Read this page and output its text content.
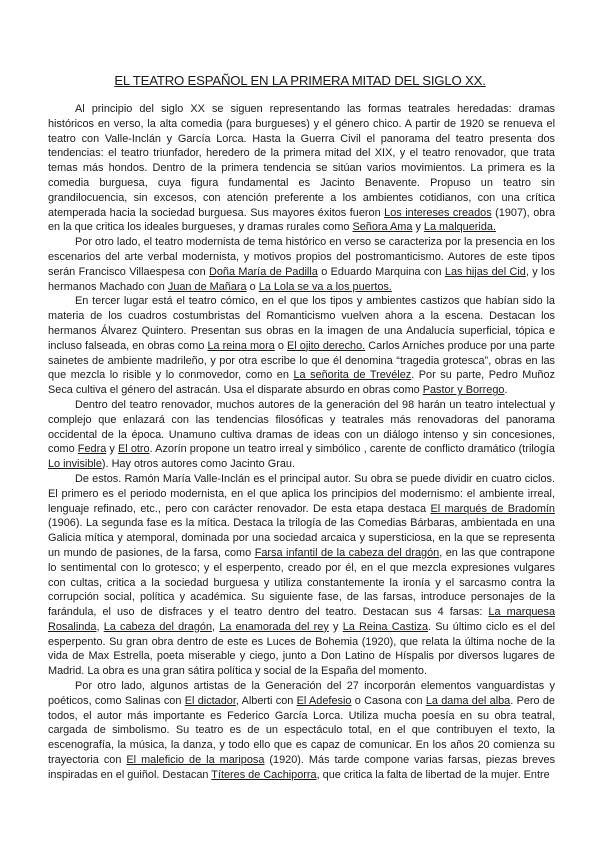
EL TEATRO ESPAÑOL EN LA PRIMERA MITAD DEL SIGLO XX.

Al principio del siglo XX se siguen representando las formas teatrales heredadas: dramas históricos en verso, la alta comedia (para burgueses) y el género chico. A partir de 1920 se renueva el teatro con Valle-Inclán y García Lorca. Hasta la Guerra Civil el panorama del teatro presenta dos tendencias: el teatro triunfador, heredero de la primera mitad del XIX, y el teatro renovador, que trata temas más hondos. Dentro de la primera tendencia se sitúan varios movimientos. La primera es la comedia burguesa, cuya figura fundamental es Jacinto Benavente. Propuso un teatro sin grandilocuencia, sin excesos, con atención preferente a los ambientes cotidianos, con una crítica atemperada hacia la sociedad burguesa. Sus mayores éxitos fueron Los intereses creados (1907), obra en la que critica los ideales burgueses, y dramas rurales como Señora Ama y La malquerida.

Por otro lado, el teatro modernista de tema histórico en verso se caracteriza por la presencia en los escenarios del arte verbal modernista, y motivos propios del postromanticismo. Autores de este tipos serán Francisco Villaespesa con Doña María de Padilla o Eduardo Marquina con Las hijas del Cid, y los hermanos Machado con Juan de Mañara o La Lola se va a los puertos.

En tercer lugar está el teatro cómico, en el que los tipos y ambientes castizos que habían sido la materia de los cuadros costumbristas del Romanticismo vuelven ahora a la escena. Destacan los hermanos Álvarez Quintero. Presentan sus obras en la imagen de una Andalucía superficial, tópica e incluso falseada, en obras como La reina mora o El ojito derecho. Carlos Arniches produce por una parte sainetes de ambiente madrileño, y por otra escribe lo que él denomina “tragedia grotesca”, obras en las que mezcla lo risible y lo conmovedor, como en La señorita de Trevélez. Por su parte, Pedro Muñoz Seca cultiva el género del astracán. Usa el disparate absurdo en obras como Pastor y Borrego.

Dentro del teatro renovador, muchos autores de la generación del 98 harán un teatro intelectual y complejo que enlazará con las tendencias filosóficas y teatrales más renovadoras del panorama occidental de la época. Unamuno cultiva dramas de ideas con un diálogo intenso y sin concesiones, como Fedra y El otro. Azorín propone un teatro irreal y simbólico , carente de conflicto dramático (trilogía Lo invisible). Hay otros autores como Jacinto Grau.

De estos. Ramón María Valle-Inclán es el principal autor. Su obra se puede dividir en cuatro ciclos. El primero es el periodo modernista, en el que aplica los principios del modernismo: el ambiente irreal, lenguaje refinado, etc., pero con carácter renovador. De esta etapa destaca El marqués de Bradomín (1906). La segunda fase es la mítica. Destaca la trilogía de las Comedias Bárbaras, ambientada en una Galicia mítica y atemporal, dominada por una sociedad arcaica y supersticiosa, en la que se representa un mundo de pasiones, de la farsa, como Farsa infantil de la cabeza del dragón, en las que contrapone lo sentimental con lo grotesco; y el esperpento, creado por él, en el que mezcla expresiones vulgares con cultas, critica a la sociedad burguesa y utiliza constantemente la ironía y el sarcasmo contra la corrupción social, política y académica. Su siguiente fase, de las farsas, introduce personajes de la farándula, el uso de disfraces y el teatro dentro del teatro. Destacan sus 4 farsas: La marquesa Rosalinda, La cabeza del dragón, La enamorada del rey y La Reina Castiza. Su último ciclo es el del esperpento. Su gran obra dentro de este es Luces de Bohemia (1920), que relata la última noche de la vida de Max Estrella, poeta miserable y ciego, junto a Don Latino de Híspalis por diversos lugares de Madrid. La obra es una gran sátira política y social de la España del momento.

Por otro lado, algunos artistas de la Generación del 27 incorporán elementos vanguardistas y poéticos, como Salinas con El dictador, Alberti con El Adefesio o Casona con La dama del alba. Pero de todos, el autor más importante es Federico García Lorca. Utiliza mucha poesía en su obra teatral, cargada de simbolismo. Su teatro es de un espectáculo total, en el que contribuyen el texto, la escenografía, la música, la danza, y todo ello que es capaz de comunicar. En los años 20 comienza su trayectoria con El maleficio de la mariposa (1920). Más tarde compone varias farsas, piezas breves inspiradas en el guiñol. Destacan Títeres de Cachiporra, que critica la falta de libertad de la mujer. Entre
